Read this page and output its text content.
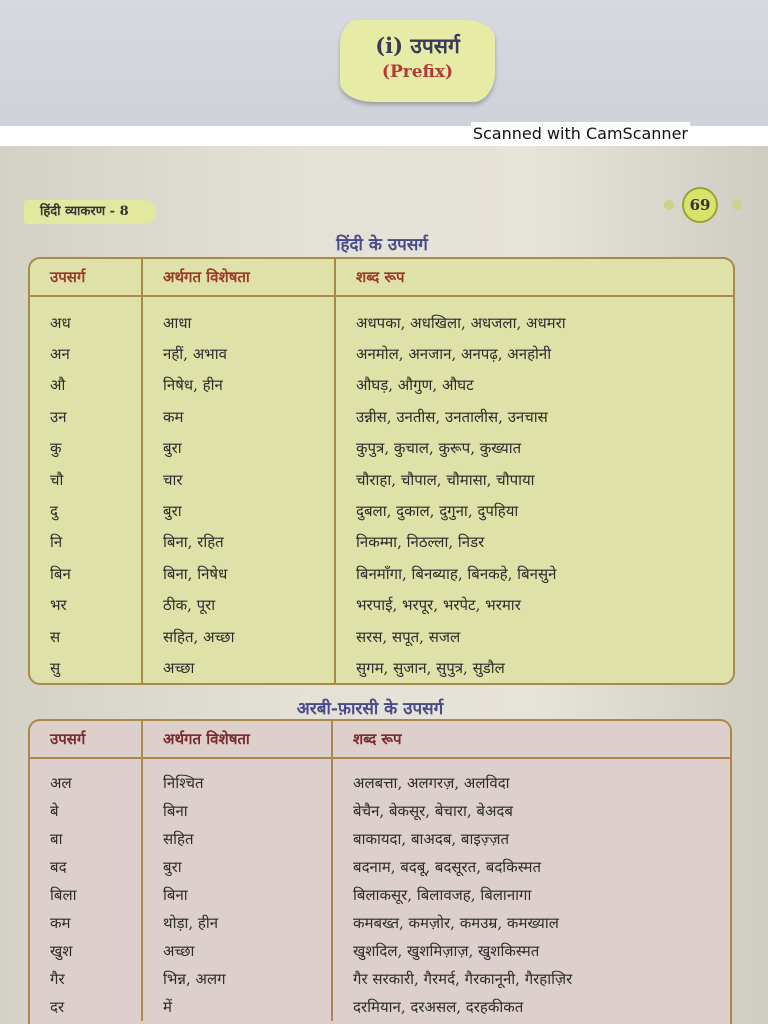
(i) उपसर्ग
(Prefix)
Scanned with CamScanner
हिंदी व्याकरण - 8	69
हिंदी के उपसर्ग
उपसर्ग	अर्थगत विशेषता	शब्द रूप
अध	आधा	अधपका, अधखिला, अधजला, अधमरा
अन	नहीं, अभाव	अनमोल, अनजान, अनपढ़, अनहोनी
औ	निषेध, हीन	औघड़, औगुण, औघट
उन	कम	उन्नीस, उनतीस, उनतालीस, उनचास
कु	बुरा	कुपुत्र, कुचाल, कुरूप, कुख्यात
चौ	चार	चौराहा, चौपाल, चौमासा, चौपाया
दु	बुरा	दुबला, दुकाल, दुगुना, दुपहिया
नि	बिना, रहित	निकम्मा, निठल्ला, निडर
बिन	बिना, निषेध	बिनमाँगा, बिनब्याह, बिनकहे, बिनसुने
भर	ठीक, पूरा	भरपाई, भरपूर, भरपेट, भरमार
स	सहित, अच्छा	सरस, सपूत, सजल
सु	अच्छा	सुगम, सुजान, सुपुत्र, सुडौल
अरबी-फ़ारसी के उपसर्ग
उपसर्ग	अर्थगत विशेषता	शब्द रूप
अल	निश्चित	अलबत्ता, अलगरज़, अलविदा
बे	बिना	बेचैन, बेकसूर, बेचारा, बेअदब
बा	सहित	बाकायदा, बाअदब, बाइज़्ज़त
बद	बुरा	बदनाम, बदबू, बदसूरत, बदकिस्मत
बिला	बिना	बिलाकसूर, बिलावजह, बिलानागा
कम	थोड़ा, हीन	कमबख्त, कमज़ोर, कमउम्र, कमख्याल
खुश	अच्छा	खुशदिल, खुशमिज़ाज़, खुशकिस्मत
गैर	भिन्न, अलग	गैर सरकारी, गैरमर्द, गैरकानूनी, गैरहाज़िर
दर	में	दरमियान, दरअसल, दरहकीकत
